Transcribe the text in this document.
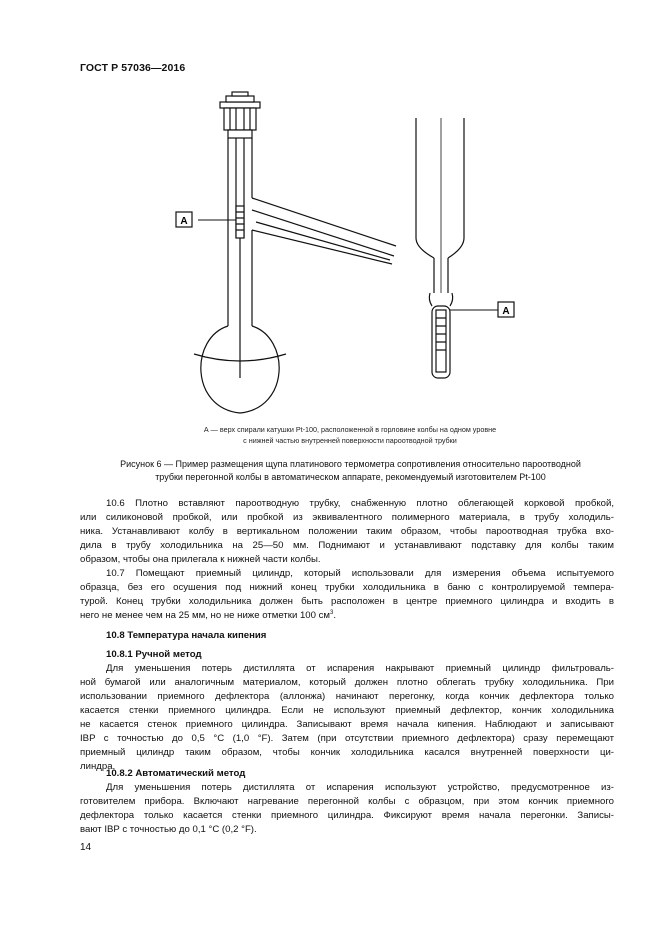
ГОСТ Р 57036—2016
A
A
А — верх спирали катушки Pt-100, расположенной в горловине колбы на одном уровне
с нижней частью внутренней поверхности пароотводной трубки
Рисунок 6 — Пример размещения щупа платинового термометра сопротивления относительно пароотводной
трубки перегонной колбы в автоматическом аппарате, рекомендуемый изготовителем Pt-100
10.6 Плотно вставляют пароотводную трубку, снабженную плотно облегающей корковой пробкой,
или силиконовой пробкой, или пробкой из эквивалентного полимерного материала, в трубу холодиль-
ника. Устанавливают колбу в вертикальном положении таким образом, чтобы пароотводная трубка вхо-
дила в трубу холодильника на 25—50 мм. Поднимают и устанавливают подставку для колбы таким
образом, чтобы она прилегала к нижней части колбы.
10.7 Помещают приемный цилиндр, который использовали для измерения объема испытуемого
образца, без его осушения под нижний конец трубки холодильника в баню с контролируемой темпера-
турой. Конец трубки холодильника должен быть расположен в центре приемного цилиндра и входить в
него не менее чем на 25 мм, но не ниже отметки 100 $см^3$.
10.8 Температура начала кипения
10.8.1 Ручной метод
Для уменьшения потерь дистиллята от испарения накрывают приемный цилиндр фильтроваль-
ной бумагой или аналогичным материалом, который должен плотно облегать трубку холодильника. При
использовании приемного дефлектора (аллонжа) начинают перегонку, когда кончик дефлектора только
касается стенки приемного цилиндра. Если не используют приемный дефлектор, кончик холодильника
не касается стенок приемного цилиндра. Записывают время начала кипения. Наблюдают и записывают
IBP с точностью до 0,5 °С (1,0 °F). Затем (при отсутствии приемного дефлектора) сразу перемещают
приемный цилиндр таким образом, чтобы кончик холодильника касался внутренней поверхности ци-
линдра.
10.8.2 Автоматический метод
Для уменьшения потерь дистиллята от испарения используют устройство, предусмотренное из-
готовителем прибора. Включают нагревание перегонной колбы с образцом, при этом кончик приемного
дефлектора только касается стенки приемного цилиндра. Фиксируют время начала перегонки. Записы-
вают IBP с точностью до 0,1 °С (0,2 °F).
14
